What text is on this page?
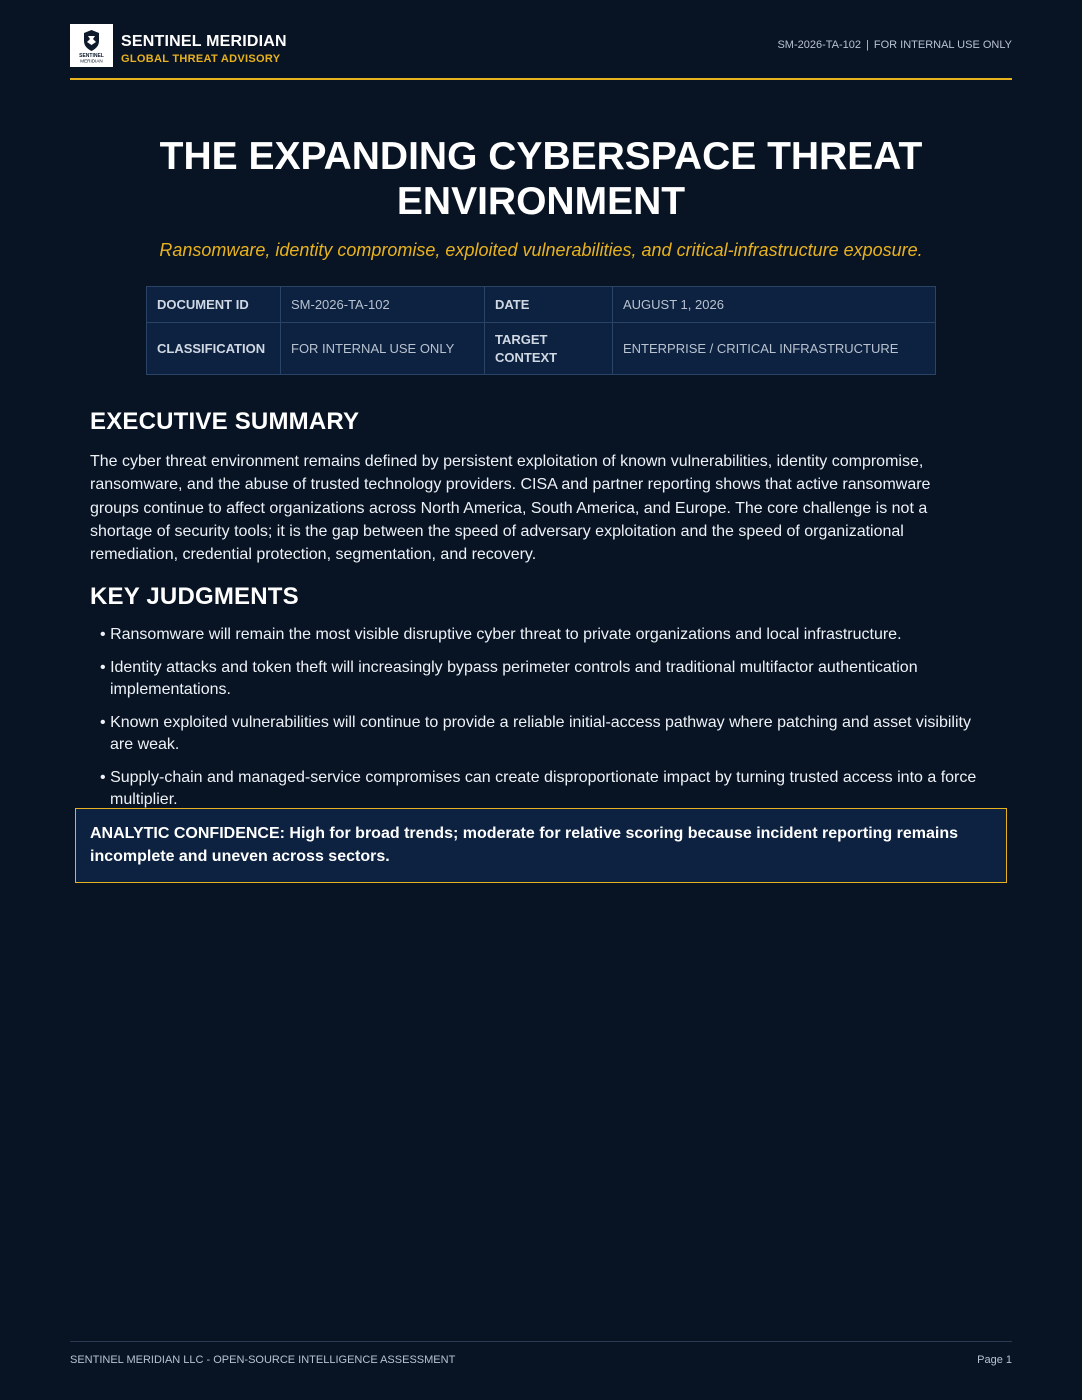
SENTINEL
MERIDIAN
SENTINEL MERIDIAN
GLOBAL THREAT ADVISORY
SM-2026-TA-102 | FOR INTERNAL USE ONLY
THE EXPANDING CYBERSPACE THREAT ENVIRONMENT
Ransomware, identity compromise, exploited vulnerabilities, and critical-infrastructure exposure.
DOCUMENT ID	SM-2026-TA-102	DATE	AUGUST 1, 2026
CLASSIFICATION	FOR INTERNAL USE ONLY	TARGET CONTEXT	ENTERPRISE / CRITICAL INFRASTRUCTURE
EXECUTIVE SUMMARY

The cyber threat environment remains defined by persistent exploitation of known vulnerabilities, identity compromise, ransomware, and the abuse of trusted technology providers. CISA and partner reporting shows that active ransomware groups continue to affect organizations across North America, South America, and Europe. The core challenge is not a shortage of security tools; it is the gap between the speed of adversary exploitation and the speed of organizational remediation, credential protection, segmentation, and recovery.

KEY JUDGMENTS
• Ransomware will remain the most visible disruptive cyber threat to private organizations and local infrastructure.
• Identity attacks and token theft will increasingly bypass perimeter controls and traditional multifactor authentication implementations.
• Known exploited vulnerabilities will continue to provide a reliable initial-access pathway where patching and asset visibility are weak.
• Supply-chain and managed-service compromises can create disproportionate impact by turning trusted access into a force multiplier.
ANALYTIC CONFIDENCE: High for broad trends; moderate for relative scoring because incident reporting remains incomplete and uneven across sectors.
SENTINEL MERIDIAN LLC - OPEN-SOURCE INTELLIGENCE ASSESSMENT	Page 1
